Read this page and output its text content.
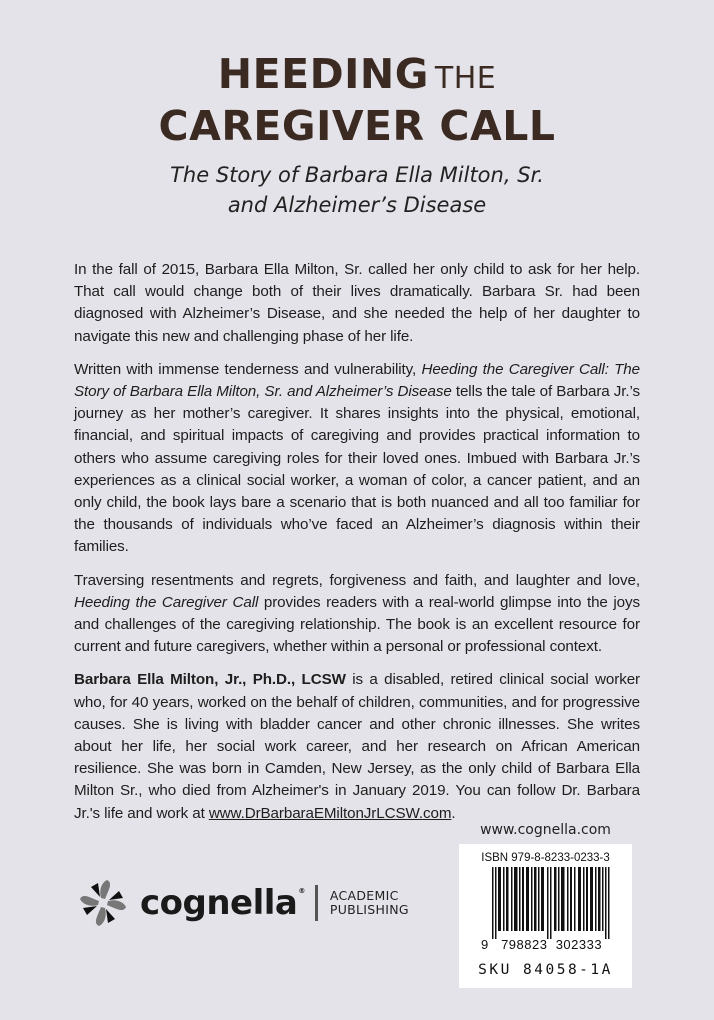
HEEDING THE
CAREGIVER CALL
The Story of Barbara Ella Milton, Sr.
and Alzheimer’s Disease

In the fall of 2015, Barbara Ella Milton, Sr. called her only child to ask for her help. That call would change both of their lives dramatically. Barbara Sr. had been diagnosed with Alzheimer’s Disease, and she needed the help of her daughter to navigate this new and challenging phase of her life.

Written with immense tenderness and vulnerability, Heeding the Caregiver Call: The Story of Barbara Ella Milton, Sr. and Alzheimer’s Disease tells the tale of Barbara Jr.’s journey as her mother’s caregiver. It shares insights into the physical, emotional, financial, and spiritual impacts of caregiving and provides practical information to others who assume caregiving roles for their loved ones. Imbued with Barbara Jr.’s experiences as a clinical social worker, a woman of color, a cancer patient, and an only child, the book lays bare a scenario that is both nuanced and all too familiar for the thousands of individuals who’ve faced an Alzheimer’s diagnosis within their families.

Traversing resentments and regrets, forgiveness and faith, and laughter and love, Heeding the Caregiver Call provides readers with a real-world glimpse into the joys and challenges of the caregiving relationship. The book is an excellent resource for current and future caregivers, whether within a personal or professional context.

Barbara Ella Milton, Jr., Ph.D., LCSW is a disabled, retired clinical social worker who, for 40 years, worked on the behalf of children, communities, and for progressive causes. She is living with bladder cancer and other chronic illnesses. She writes about her life, her social work career, and her research on African American resilience. She was born in Camden, New Jersey, as the only child of Barbara Ella Milton Sr., who died from Alzheimer's in January 2019. You can follow Dr. Barbara Jr.'s life and work at www.DrBarbaraEMiltonJrLCSW.com.

www.cognella.com
ISBN 979-8-8233-0233-3
9 798823 302333
SKU 84058-1A
cognella® ACADEMIC
PUBLISHING
